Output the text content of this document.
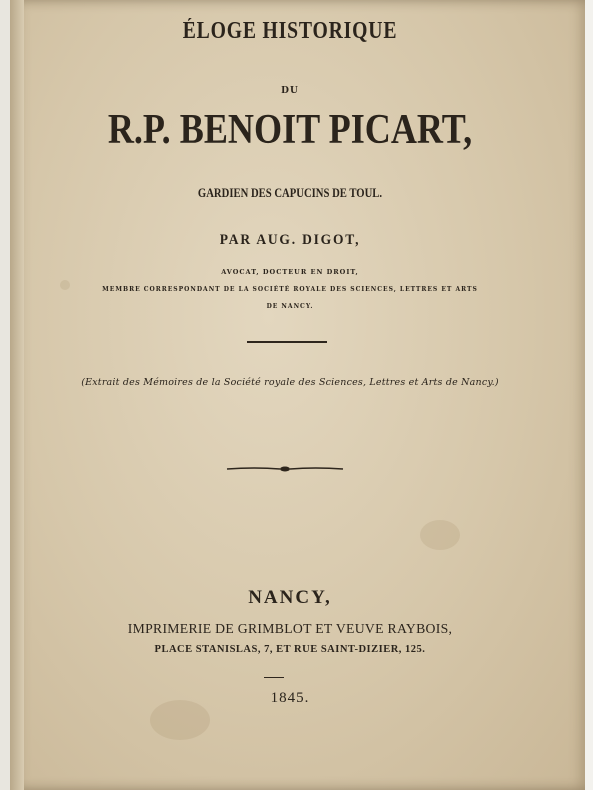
ÉLOGE HISTORIQUE
DU
R.P. BENOIT PICART,
GARDIEN DES CAPUCINS DE TOUL.
PAR AUG. DIGOT,
AVOCAT, DOCTEUR EN DROIT,
MEMBRE CORRESPONDANT DE LA SOCIÉTÉ ROYALE DES SCIENCES, LETTRES ET ARTS
DE NANCY.
(Extrait des Mémoires de la Société royale des Sciences, Lettres et Arts de Nancy.)
NANCY,
IMPRIMERIE DE GRIMBLOT ET VEUVE RAYBOIS,
PLACE STANISLAS, 7, ET RUE SAINT-DIZIER, 125.
1845.
